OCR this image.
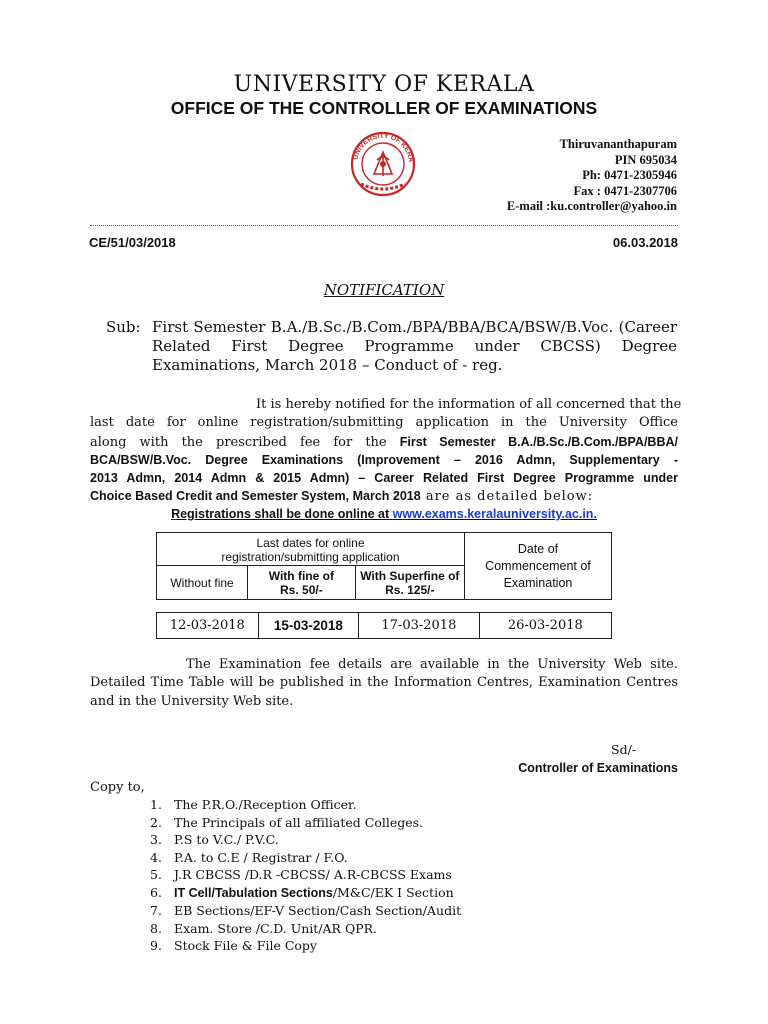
UNIVERSITY OF KERALA
OFFICE OF THE CONTROLLER OF EXAMINATIONS
UNIVERSITY OF KERA
Thiruvananthapuram
PIN 695034
Ph: 0471-2305946
Fax : 0471-2307706
E-mail :ku.controller@yahoo.in
CE/51/03/2018	06.03.2018
NOTIFICATION
Sub: First Semester B.A./B.Sc./B.Com./BPA/BBA/BCA/BSW/B.Voc. (Career
Related First Degree Programme under CBCSS) Degree
Examinations, March 2018 – Conduct of - reg.
It is hereby notified for the information of all concerned that the
last date for online registration/submitting application in the University Office
along with the prescribed fee for the First Semester B.A./B.Sc./B.Com./BPA/BBA/
BCA/BSW/B.Voc. Degree Examinations (Improvement – 2016 Admn, Supplementary -
2013 Admn, 2014 Admn & 2015 Admn) – Career Related First Degree Programme under
Choice Based Credit and Semester System, March 2018 are as detailed below:
Registrations shall be done online at www.exams.keralauniversity.ac.in.
Last dates for online registration/submitting application			Date of Commencement of Examination
Without fine	With fine of Rs. 50/-	With Superfine of Rs. 125/-	
12-03-2018	15-03-2018	17-03-2018	26-03-2018
The Examination fee details are available in the University Web site.
Detailed Time Table will be published in the Information Centres, Examination Centres
and in the University Web site.
Sd/-
Controller of Examinations
Copy to,
1. The P.R.O./Reception Officer.
2. The Principals of all affiliated Colleges.
3. P.S to V.C./ P.V.C.
4. P.A. to C.E / Registrar / F.O.
5. J.R CBCSS /D.R -CBCSS/ A.R-CBCSS Exams
6. IT Cell/Tabulation Sections/M&C/EK I Section
7. EB Sections/EF-V Section/Cash Section/Audit
8. Exam. Store /C.D. Unit/AR QPR.
9. Stock File & File Copy
